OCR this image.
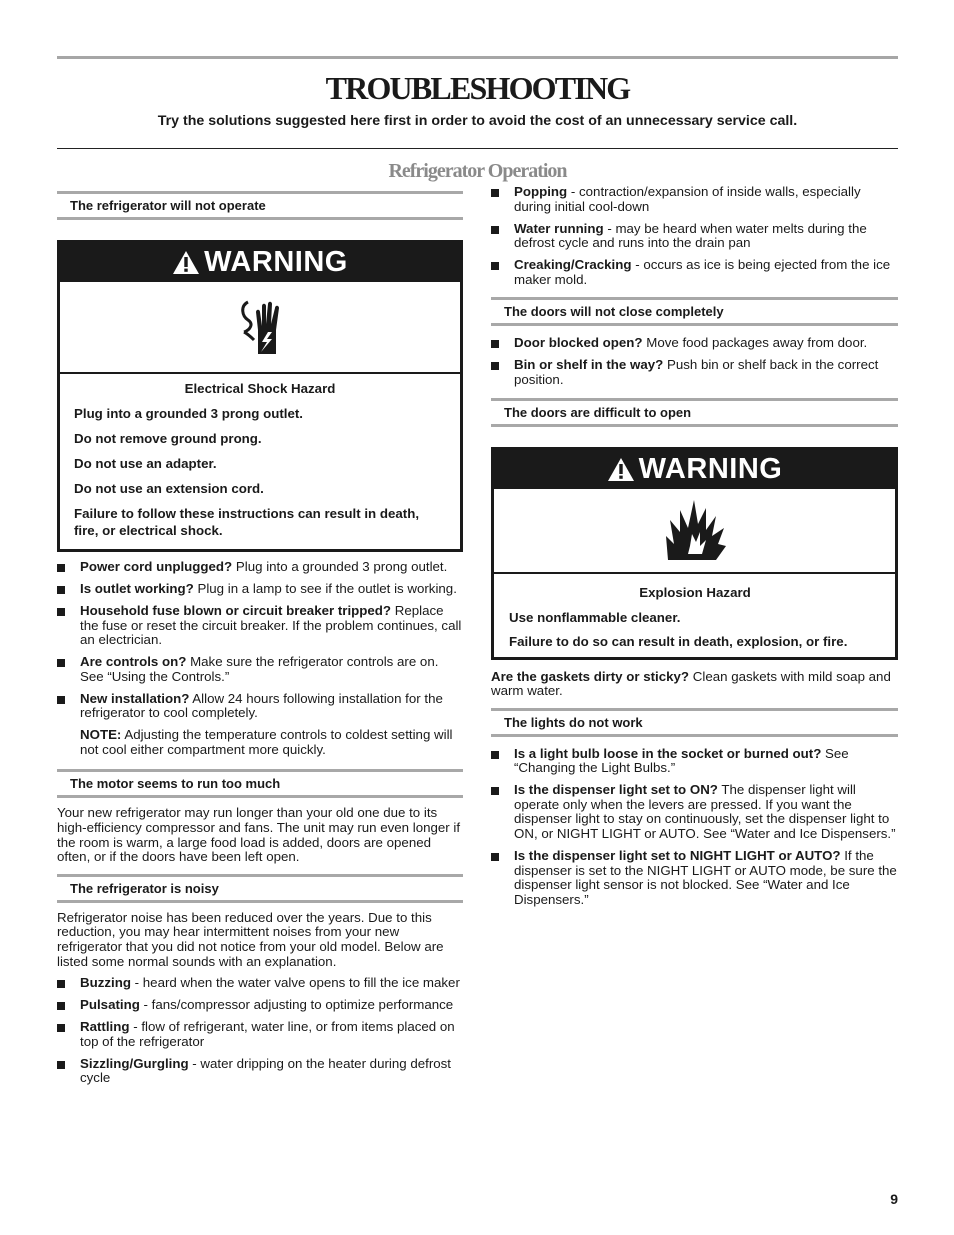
TROUBLESHOOTING
Try the solutions suggested here first in order to avoid the cost of an unnecessary service call.
Refrigerator Operation
The refrigerator will not operate
WARNING
Electrical Shock Hazard
Plug into a grounded 3 prong outlet.
Do not remove ground prong.
Do not use an adapter.
Do not use an extension cord.
Failure to follow these instructions can result in death, fire, or electrical shock.
Power cord unplugged? Plug into a grounded 3 prong outlet.
Is outlet working? Plug in a lamp to see if the outlet is working.
Household fuse blown or circuit breaker tripped? Replace the fuse or reset the circuit breaker. If the problem continues, call an electrician.
Are controls on? Make sure the refrigerator controls are on. See “Using the Controls.”
New installation? Allow 24 hours following installation for the refrigerator to cool completely.
NOTE: Adjusting the temperature controls to coldest setting will not cool either compartment more quickly.
The motor seems to run too much

Your new refrigerator may run longer than your old one due to its high-efficiency compressor and fans. The unit may run even longer if the room is warm, a large food load is added, doors are opened often, or if the doors have been left open.

The refrigerator is noisy

Refrigerator noise has been reduced over the years. Due to this reduction, you may hear intermittent noises from your new refrigerator that you did not notice from your old model. Below are listed some normal sounds with an explanation.

Buzzing - heard when the water valve opens to fill the ice maker
Pulsating - fans/compressor adjusting to optimize performance
Rattling - flow of refrigerant, water line, or from items placed on top of the refrigerator
Sizzling/Gurgling - water dripping on the heater during defrost cycle
Popping - contraction/expansion of inside walls, especially during initial cool-down
Water running - may be heard when water melts during the defrost cycle and runs into the drain pan
Creaking/Cracking - occurs as ice is being ejected from the ice maker mold.
The doors will not close completely
Door blocked open? Move food packages away from door.
Bin or shelf in the way? Push bin or shelf back in the correct position.
The doors are difficult to open
WARNING
Explosion Hazard
Use nonflammable cleaner.
Failure to do so can result in death, explosion, or fire.

Are the gaskets dirty or sticky? Clean gaskets with mild soap and warm water.

The lights do not work
Is a light bulb loose in the socket or burned out? See “Changing the Light Bulbs.”
Is the dispenser light set to ON? The dispenser light will operate only when the levers are pressed. If you want the dispenser light to stay on continuously, set the dispenser light to ON, or NIGHT LIGHT or AUTO. See “Water and Ice Dispensers.”
Is the dispenser light set to NIGHT LIGHT or AUTO? If the dispenser is set to the NIGHT LIGHT or AUTO mode, be sure the dispenser light sensor is not blocked. See “Water and Ice Dispensers.”
9
